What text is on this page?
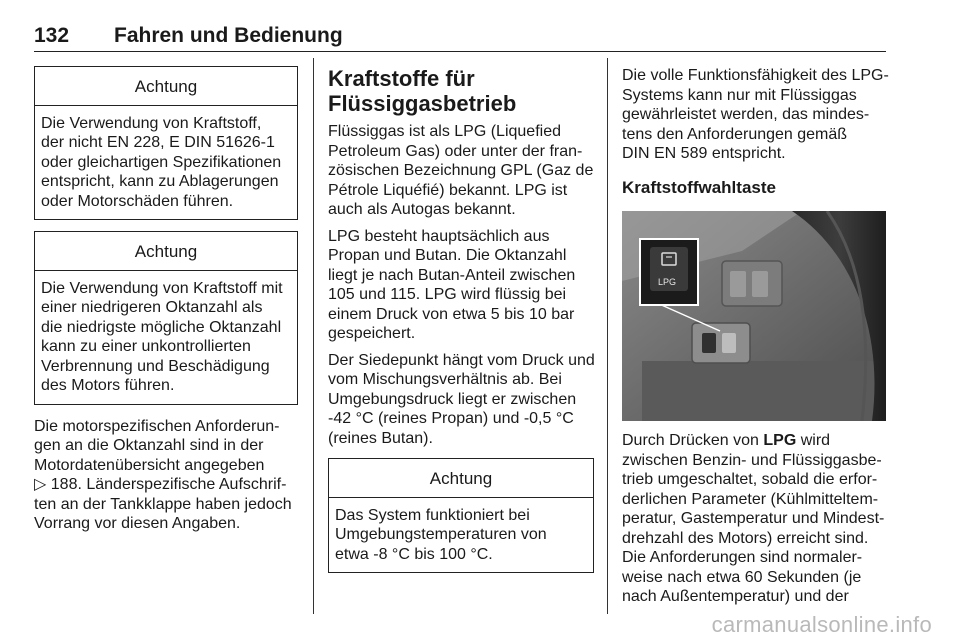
132 Fahren und Bedienung
Achtung
Die Verwendung von Kraftstoff,
der nicht EN 228, E DIN 51626-1
oder gleichartigen Spezifikationen
entspricht, kann zu Ablagerungen
oder Motorschäden führen.
Achtung
Die Verwendung von Kraftstoff mit
einer niedrigeren Oktanzahl als
die niedrigste mögliche Oktanzahl
kann zu einer unkontrollierten
Verbrennung und Beschädigung
des Motors führen.

Die motorspezifischen Anforderun-
gen an die Oktanzahl sind in der
Motordatenübersicht angegeben
▷ 188. Länderspezifische Aufschrif-
ten an der Tankklappe haben jedoch
Vorrang vor diesen Angaben.

Kraftstoffe für
Flüssiggasbetrieb

Flüssiggas ist als LPG (Liquefied
Petroleum Gas) oder unter der fran-
zösischen Bezeichnung GPL (Gaz de
Pétrole Liquéfié) bekannt. LPG ist
auch als Autogas bekannt.

LPG besteht hauptsächlich aus
Propan und Butan. Die Oktanzahl
liegt je nach Butan-Anteil zwischen
105 und 115. LPG wird flüssig bei
einem Druck von etwa 5 bis 10 bar
gespeichert.

Der Siedepunkt hängt vom Druck und
vom Mischungsverhältnis ab. Bei
Umgebungsdruck liegt er zwischen
-42 °C (reines Propan) und -0,5 °C
(reines Butan).

Achtung
Das System funktioniert bei
Umgebungstemperaturen von
etwa -8 °C bis 100 °C.

Die volle Funktionsfähigkeit des LPG-
Systems kann nur mit Flüssiggas
gewährleistet werden, das mindes-
tens den Anforderungen gemäß
DIN EN 589 entspricht.

Kraftstoffwahltaste
LPG

Durch Drücken von LPG wird
zwischen Benzin- und Flüssiggasbe-
trieb umgeschaltet, sobald die erfor-
derlichen Parameter (Kühlmitteltem-
peratur, Gastemperatur und Mindest-
drehzahl des Motors) erreicht sind.
Die Anforderungen sind normaler-
weise nach etwa 60 Sekunden (je
nach Außentemperatur) und der

carmanualsonline.info
